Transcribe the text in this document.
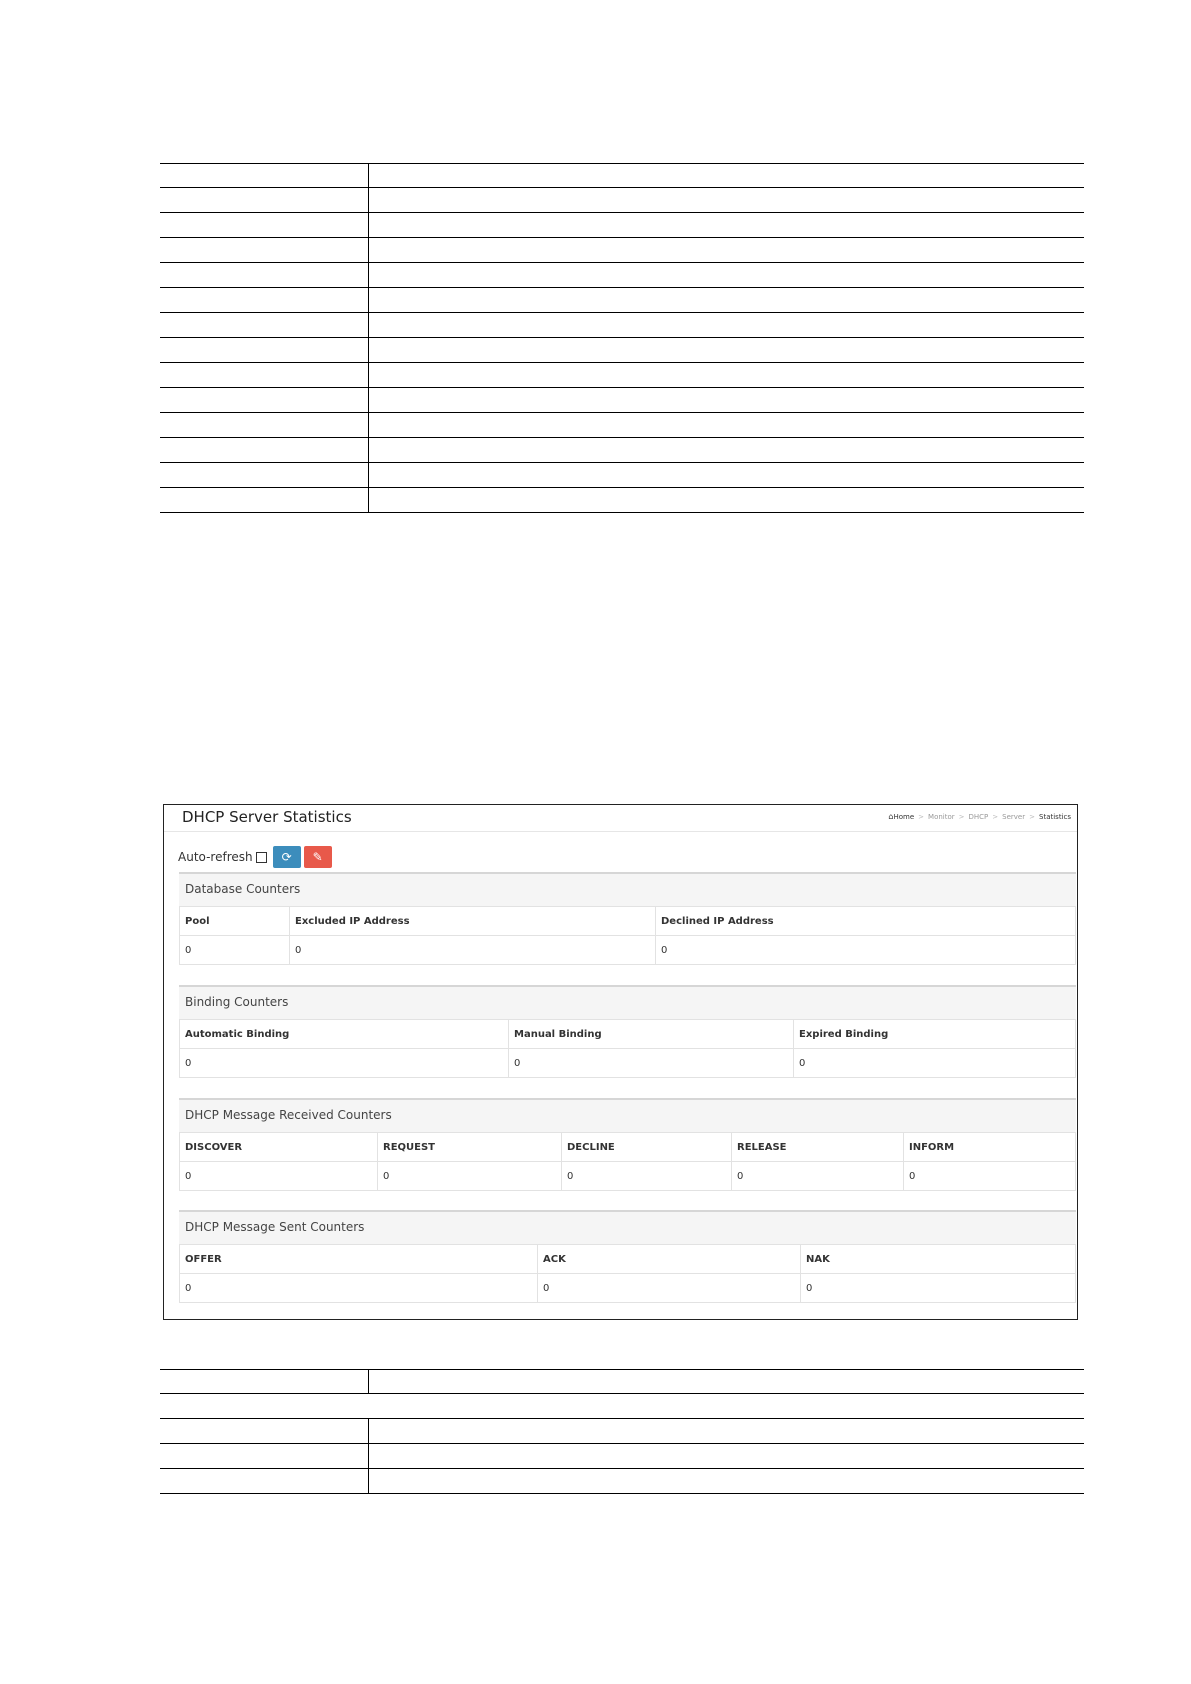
DHCP Server Statistics	⌂Home > Monitor > DHCP > Server > Statistics
Auto-refresh ⟳ ✎
Database Counters
Pool	Excluded IP Address	Declined IP Address
0	0	0
Binding Counters
Automatic Binding	Manual Binding	Expired Binding
0	0	0
DHCP Message Received Counters
DISCOVER	REQUEST	DECLINE	RELEASE	INFORM
0	0	0	0	0
DHCP Message Sent Counters
OFFER	ACK	NAK
0	0	0
